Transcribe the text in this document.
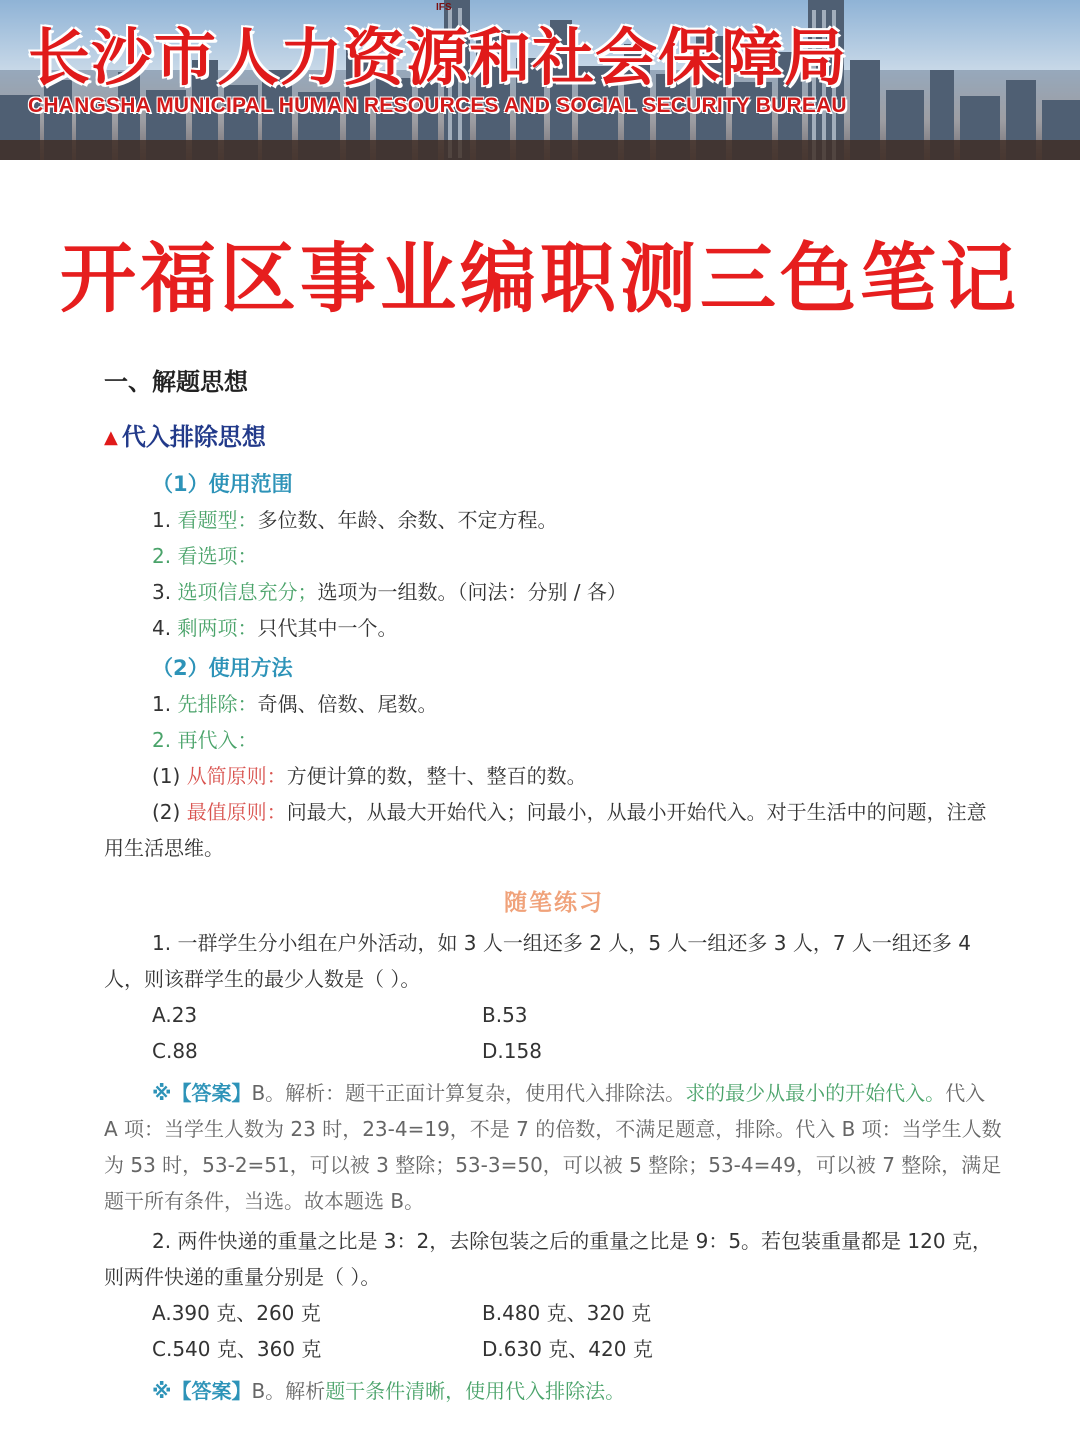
IFS
长沙市人力资源和社会保障局
CHANGSHA MUNICIPAL HUMAN RESOURCES AND SOCIAL SECURITY BUREAU
开福区事业编职测三色笔记
一、解题思想
▲ 代入排除思想
（1）使用范围
1. 看题型：多位数、年龄、余数、不定方程。
2. 看选项：
3. 选项信息充分；选项为一组数。（问法：分别 / 各）
4. 剩两项：只代其中一个。
（2）使用方法
1. 先排除：奇偶、倍数、尾数。
2. 再代入：
(1) 从简原则：方便计算的数，整十、整百的数。

(2) 最值原则：问最大，从最大开始代入；问最小，从最小开始代入。对于生活中的问题，注意用生活思维。

随笔练习

1. 一群学生分小组在户外活动，如 3 人一组还多 2 人，5 人一组还多 3 人，7 人一组还多 4 人，则该群学生的最少人数是（ ）。

A.23	B.53
C.88	D.158

※【答案】B。解析：题干正面计算复杂，使用代入排除法。求的最少从最小的开始代入。代入 A 项：当学生人数为 23 时，23-4=19，不是 7 的倍数，不满足题意，排除。代入 B 项：当学生人数为 53 时，53-2=51，可以被 3 整除；53-3=50，可以被 5 整除；53-4=49，可以被 7 整除，满足题干所有条件，当选。故本题选 B。

2. 两件快递的重量之比是 3：2，去除包装之后的重量之比是 9：5。若包装重量都是 120 克，则两件快递的重量分别是（ ）。

A.390 克、260 克	B.480 克、320 克
C.540 克、360 克	D.630 克、420 克

※【答案】B。解析题干条件清晰，使用代入排除法。
